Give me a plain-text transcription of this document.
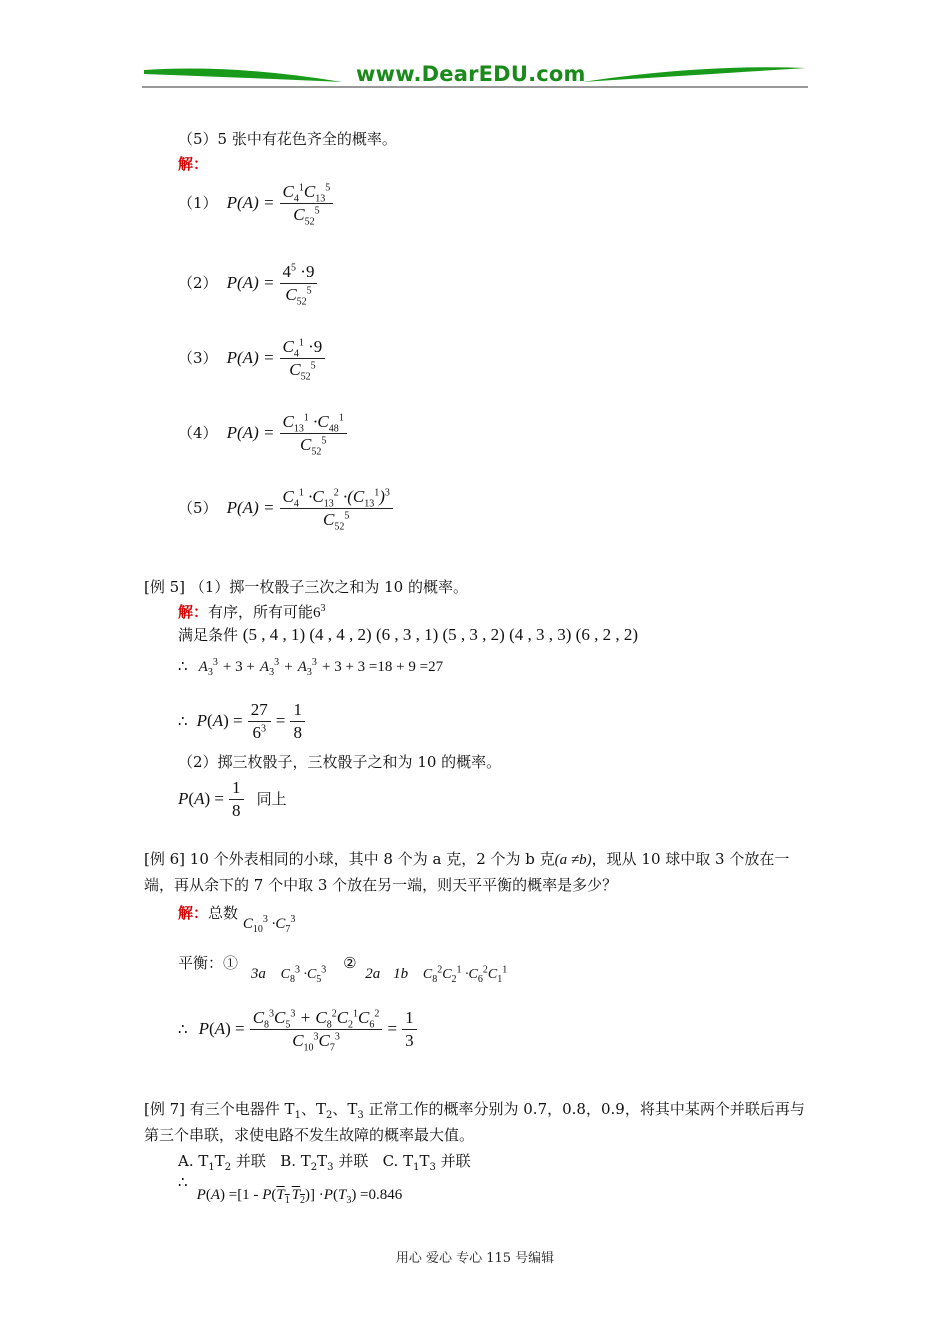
www.DearEDU.com
（5）5 张中有花色齐全的概率。
解：
（1） $P(A) = \frac{C_4^1C_{13}^5}{C_{52}^5}$
（2） $P(A) = \frac{4^5 \cdot 9}{C_{52}^5}$
（3） $P(A) = \frac{C_4^1 \cdot 9}{C_{52}^5}$
（4） $P(A) = \frac{C_{13}^1 \cdot C_{48}^1}{C_{52}^5}$
（5） $P(A) = \frac{C_4^1 \cdot C_{13}^2 \cdot(C_{13}^1)^3}{C_{52}^5}$
[例 5] （1）掷一枚骰子三次之和为 10 的概率。
解：有序，所有可能$6^3$
满足条件 (5 , 4 , 1) (4 , 4 , 2) (6 , 3 , 1) (5 , 3 , 2) (4 , 3 , 3) (6 , 2 , 2)
∴ $A_3^3 + 3 + A_3^3 + A_3^3 + 3 + 3 =18 + 9 =27$
∴ $P(A) = \frac{27}{6^3} = \frac{1}{8}$
（2）掷三枚骰子，三枚骰子之和为 10 的概率。
$P(A) = \frac{1}{8}$ 同上
[例 6] 10 个外表相同的小球，其中 8 个为 a 克，2 个为 b 克(a ≠b)，现从 10 球中取 3 个放在一
端，再从余下的 7 个中取 3 个放在另一端，则天平平衡的概率是多少？
解：总数 $C_{10}^3 \cdot C_7^3$
平衡：① 3a $C_8^3 \cdot C_5^3$ ② 2a 1b $C_8^2C_2^1 \cdot C_6^2C_1^1$
∴ $P(A) = \frac{C_8^3C_5^3 + C_8^2C_2^1C_6^2}{C_{10}^3C_7^3} = \frac{1}{3}$
[例 7] 有三个电器件 $T_1$、$T_2$、$T_3$ 正常工作的概率分别为 0.7，0.8，0.9，将其中某两个并联后再与
第三个串联，求使电路不发生故障的概率最大值。
A. $T_1T_2$ 并联   B. $T_2T_3$ 并联   C. $T_1T_3$ 并联
∴ $P(A) =[1 - P(T_1$ $T_2)] \cdot P(T_3) =0.846$
用心 爱心 专心 115 号编辑
